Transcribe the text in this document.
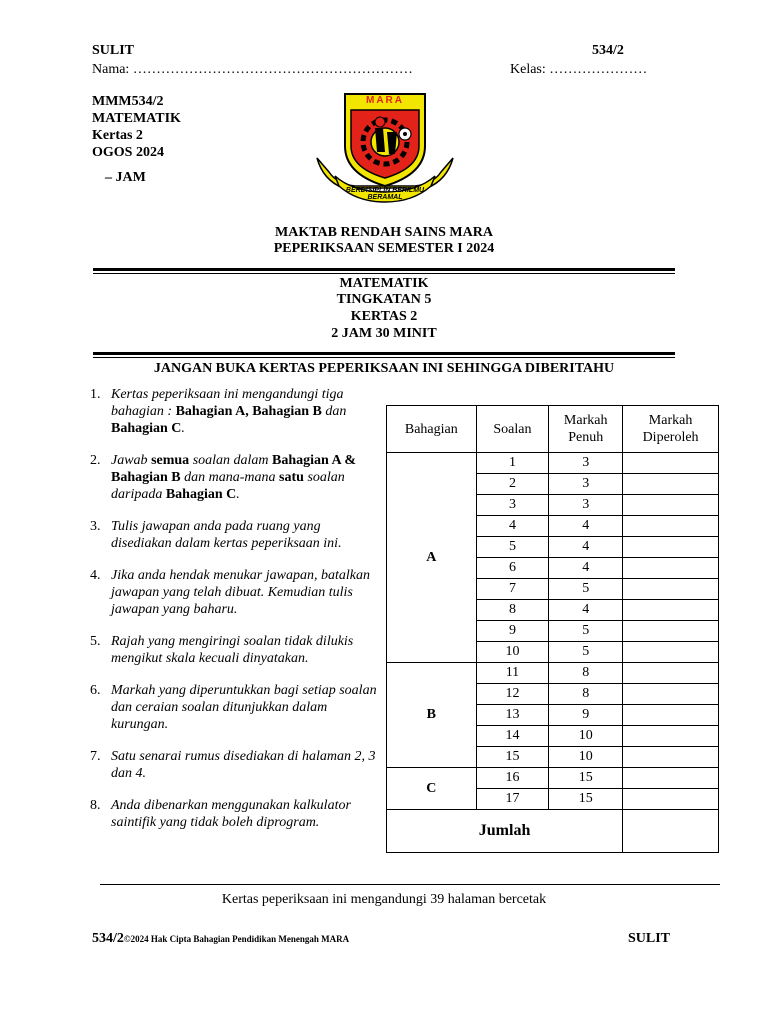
SULIT	534/2
Nama: ……………………………………………………	Kelas: …………………
MMM534/2
MATEMATIK
Kertas 2
OGOS 2024
– JAM
MARA
BERDISIPLIN BERILMU BERAMAL
MAKTAB RENDAH SAINS MARA
PEPERIKSAAN SEMESTER I 2024
MATEMATIK
TINGKATAN 5
KERTAS 2
2 JAM 30 MINIT
JANGAN BUKA KERTAS PEPERIKSAAN INI SEHINGGA DIBERITAHU
1. Kertas peperiksaan ini mengandungi tiga bahagian : Bahagian A, Bahagian B dan Bahagian C.
2. Jawab semua soalan dalam Bahagian A & Bahagian B dan mana-mana satu soalan daripada Bahagian C.
3. Tulis jawapan anda pada ruang yang disediakan dalam kertas peperiksaan ini.
4. Jika anda hendak menukar jawapan, batalkan jawapan yang telah dibuat. Kemudian tulis jawapan yang baharu.
5. Rajah yang mengiringi soalan tidak dilukis mengikut skala kecuali dinyatakan.
6. Markah yang diperuntukkan bagi setiap soalan dan ceraian soalan ditunjukkan dalam kurungan.
7. Satu senarai rumus disediakan di halaman 2, 3 dan 4.
8. Anda dibenarkan menggunakan kalkulator saintifik yang tidak boleh diprogram.
Bahagian	Soalan	Markah Penuh	Markah Diperoleh
A	1	3	
	2	3	
	3	3	
	4	4	
	5	4	
	6	4	
	7	5	
	8	4	
	9	5	
	10	5	
B	11	8	
	12	8	
	13	9	
	14	10	
	15	10	
C	16	15	
	17	15	
Jumlah			
Kertas peperiksaan ini mengandungi 39 halaman bercetak
534/2©2024 Hak Cipta Bahagian Pendidikan Menengah MARA	SULIT
